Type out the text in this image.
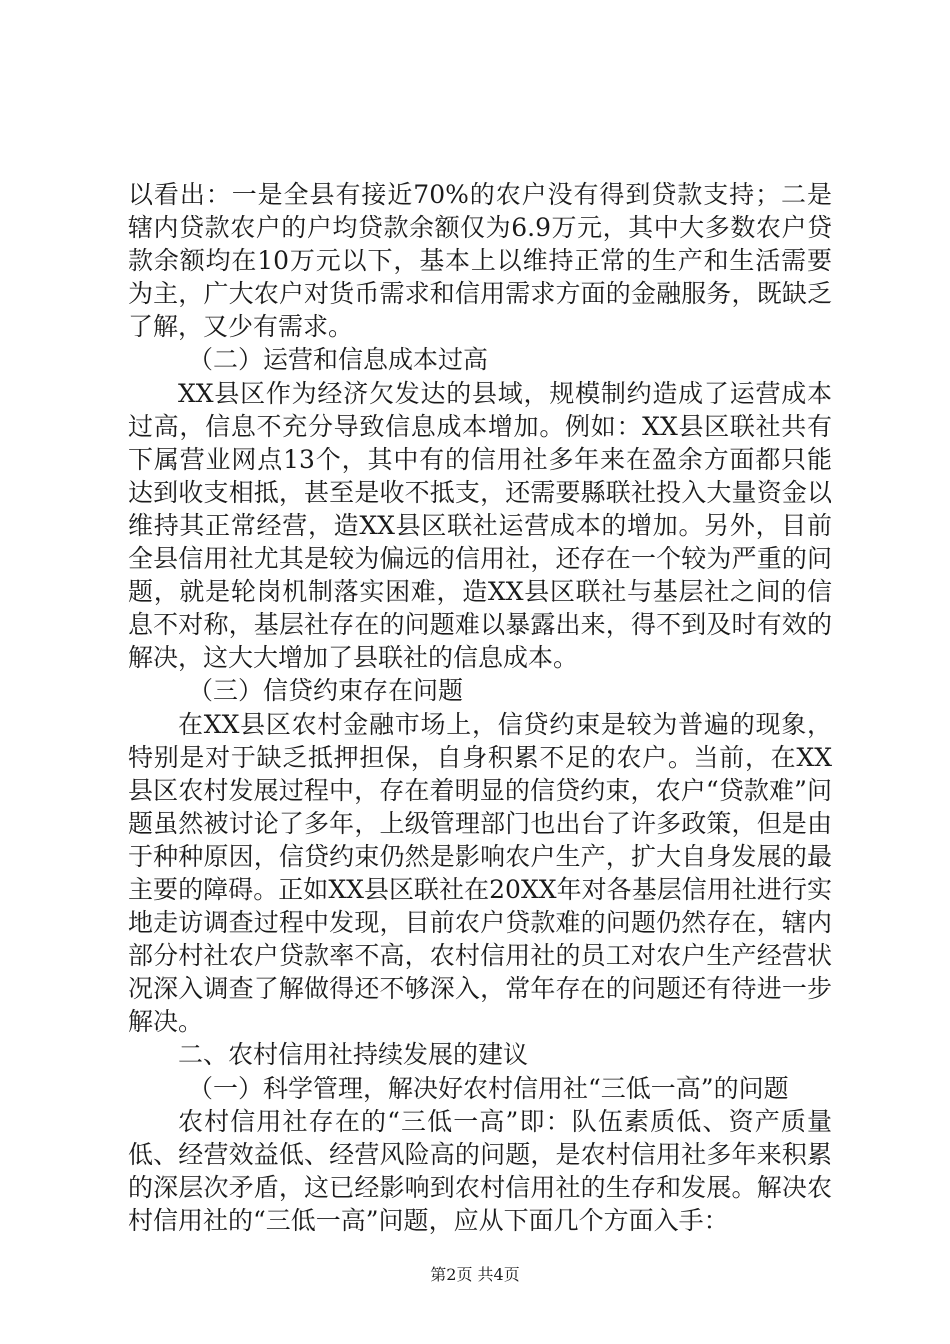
以看出：一是全县有接近70%的农户没有得到贷款支持；二是辖内贷款农户的户均贷款余额仅为6.9万元，其中大多数农户贷款余额均在10万元以下，基本上以维持正常的生产和生活需要为主，广大农户对货币需求和信用需求方面的金融服务，既缺乏了解，又少有需求。

（二）运营和信息成本过高

XX县区作为经济欠发达的县域，规模制约造成了运营成本过高，信息不充分导致信息成本增加。例如：XX县区联社共有下属营业网点13个，其中有的信用社多年来在盈余方面都只能达到收支相抵，甚至是收不抵支，还需要縣联社投入大量资金以维持其正常经营，造XX县区联社运营成本的增加。另外，目前全县信用社尤其是较为偏远的信用社，还存在一个较为严重的问题，就是轮岗机制落实困难，造XX县区联社与基层社之间的信息不对称，基层社存在的问题难以暴露出来，得不到及时有效的解决，这大大增加了县联社的信息成本。

（三）信贷约束存在问题

在XX县区农村金融市场上，信贷约束是较为普遍的现象，特别是对于缺乏抵押担保，自身积累不足的农户。当前，在XX县区农村发展过程中，存在着明显的信贷约束，农户“贷款难”问题虽然被讨论了多年，上级管理部门也出台了许多政策，但是由于种种原因，信贷约束仍然是影响农户生产，扩大自身发展的最主要的障碍。正如XX县区联社在20XX年对各基层信用社进行实地走访调查过程中发现，目前农户贷款难的问题仍然存在，辖内部分村社农户贷款率不高，农村信用社的员工对农户生产经营状况深入调查了解做得还不够深入，常年存在的问题还有待进一步解决。

二、农村信用社持续发展的建议

（一）科学管理，解决好农村信用社“三低一高”的问题

农村信用社存在的“三低一高”即：队伍素质低、资产质量低、经营效益低、经营风险高的问题，是农村信用社多年来积累的深层次矛盾，这已经影响到农村信用社的生存和发展。解决农村信用社的“三低一高”问题，应从下面几个方面入手：

第2页 共4页
